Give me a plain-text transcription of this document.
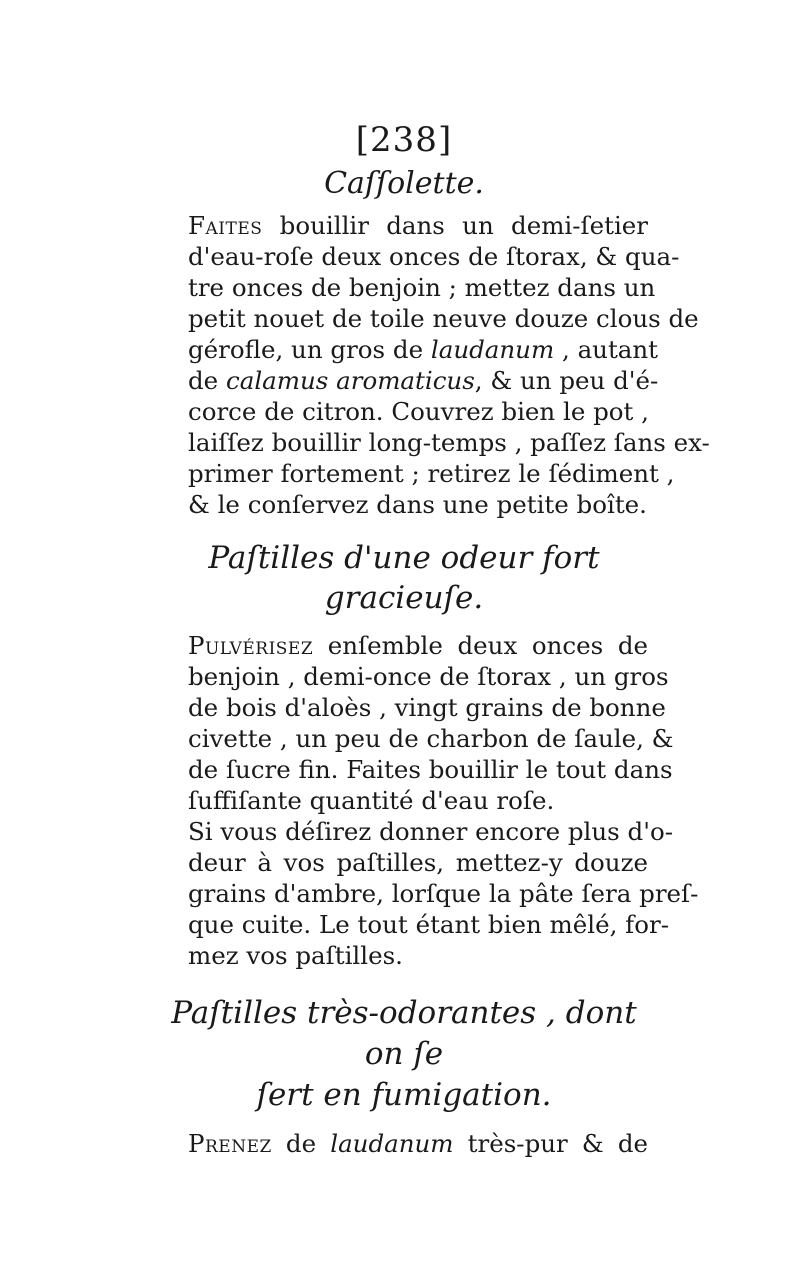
[238]
Caſſolette.
Faites bouillir dans un demi-ſetier
d'eau-roſe deux onces de ſtorax, & qua-
tre onces de benjoin ; mettez dans un
petit nouet de toile neuve douze clous de
gérofle, un gros de laudanum , autant
de calamus aromaticus, & un peu d'é-
corce de citron. Couvrez bien le pot ,
laiſſez bouillir long-temps , paſſez ſans ex-
primer fortement ; retirez le ſédiment ,
& le conſervez dans une petite boîte.
Paſtilles d'une odeur fort gracieuſe.
Pulvérisez enſemble deux onces de
benjoin , demi-once de ſtorax , un gros
de bois d'aloès , vingt grains de bonne
civette , un peu de charbon de ſaule, &
de ſucre fin. Faites bouillir le tout dans
ſuffiſante quantité d'eau roſe.
Si vous déſirez donner encore plus d'o-
deur à vos paſtilles, mettez-y douze
grains d'ambre, lorſque la pâte ſera preſ-
que cuite. Le tout étant bien mêlé, for-
mez vos paſtilles.
Paſtilles très-odorantes , dont on ſe
ſert en fumigation.
Prenez de laudanum très-pur & de
